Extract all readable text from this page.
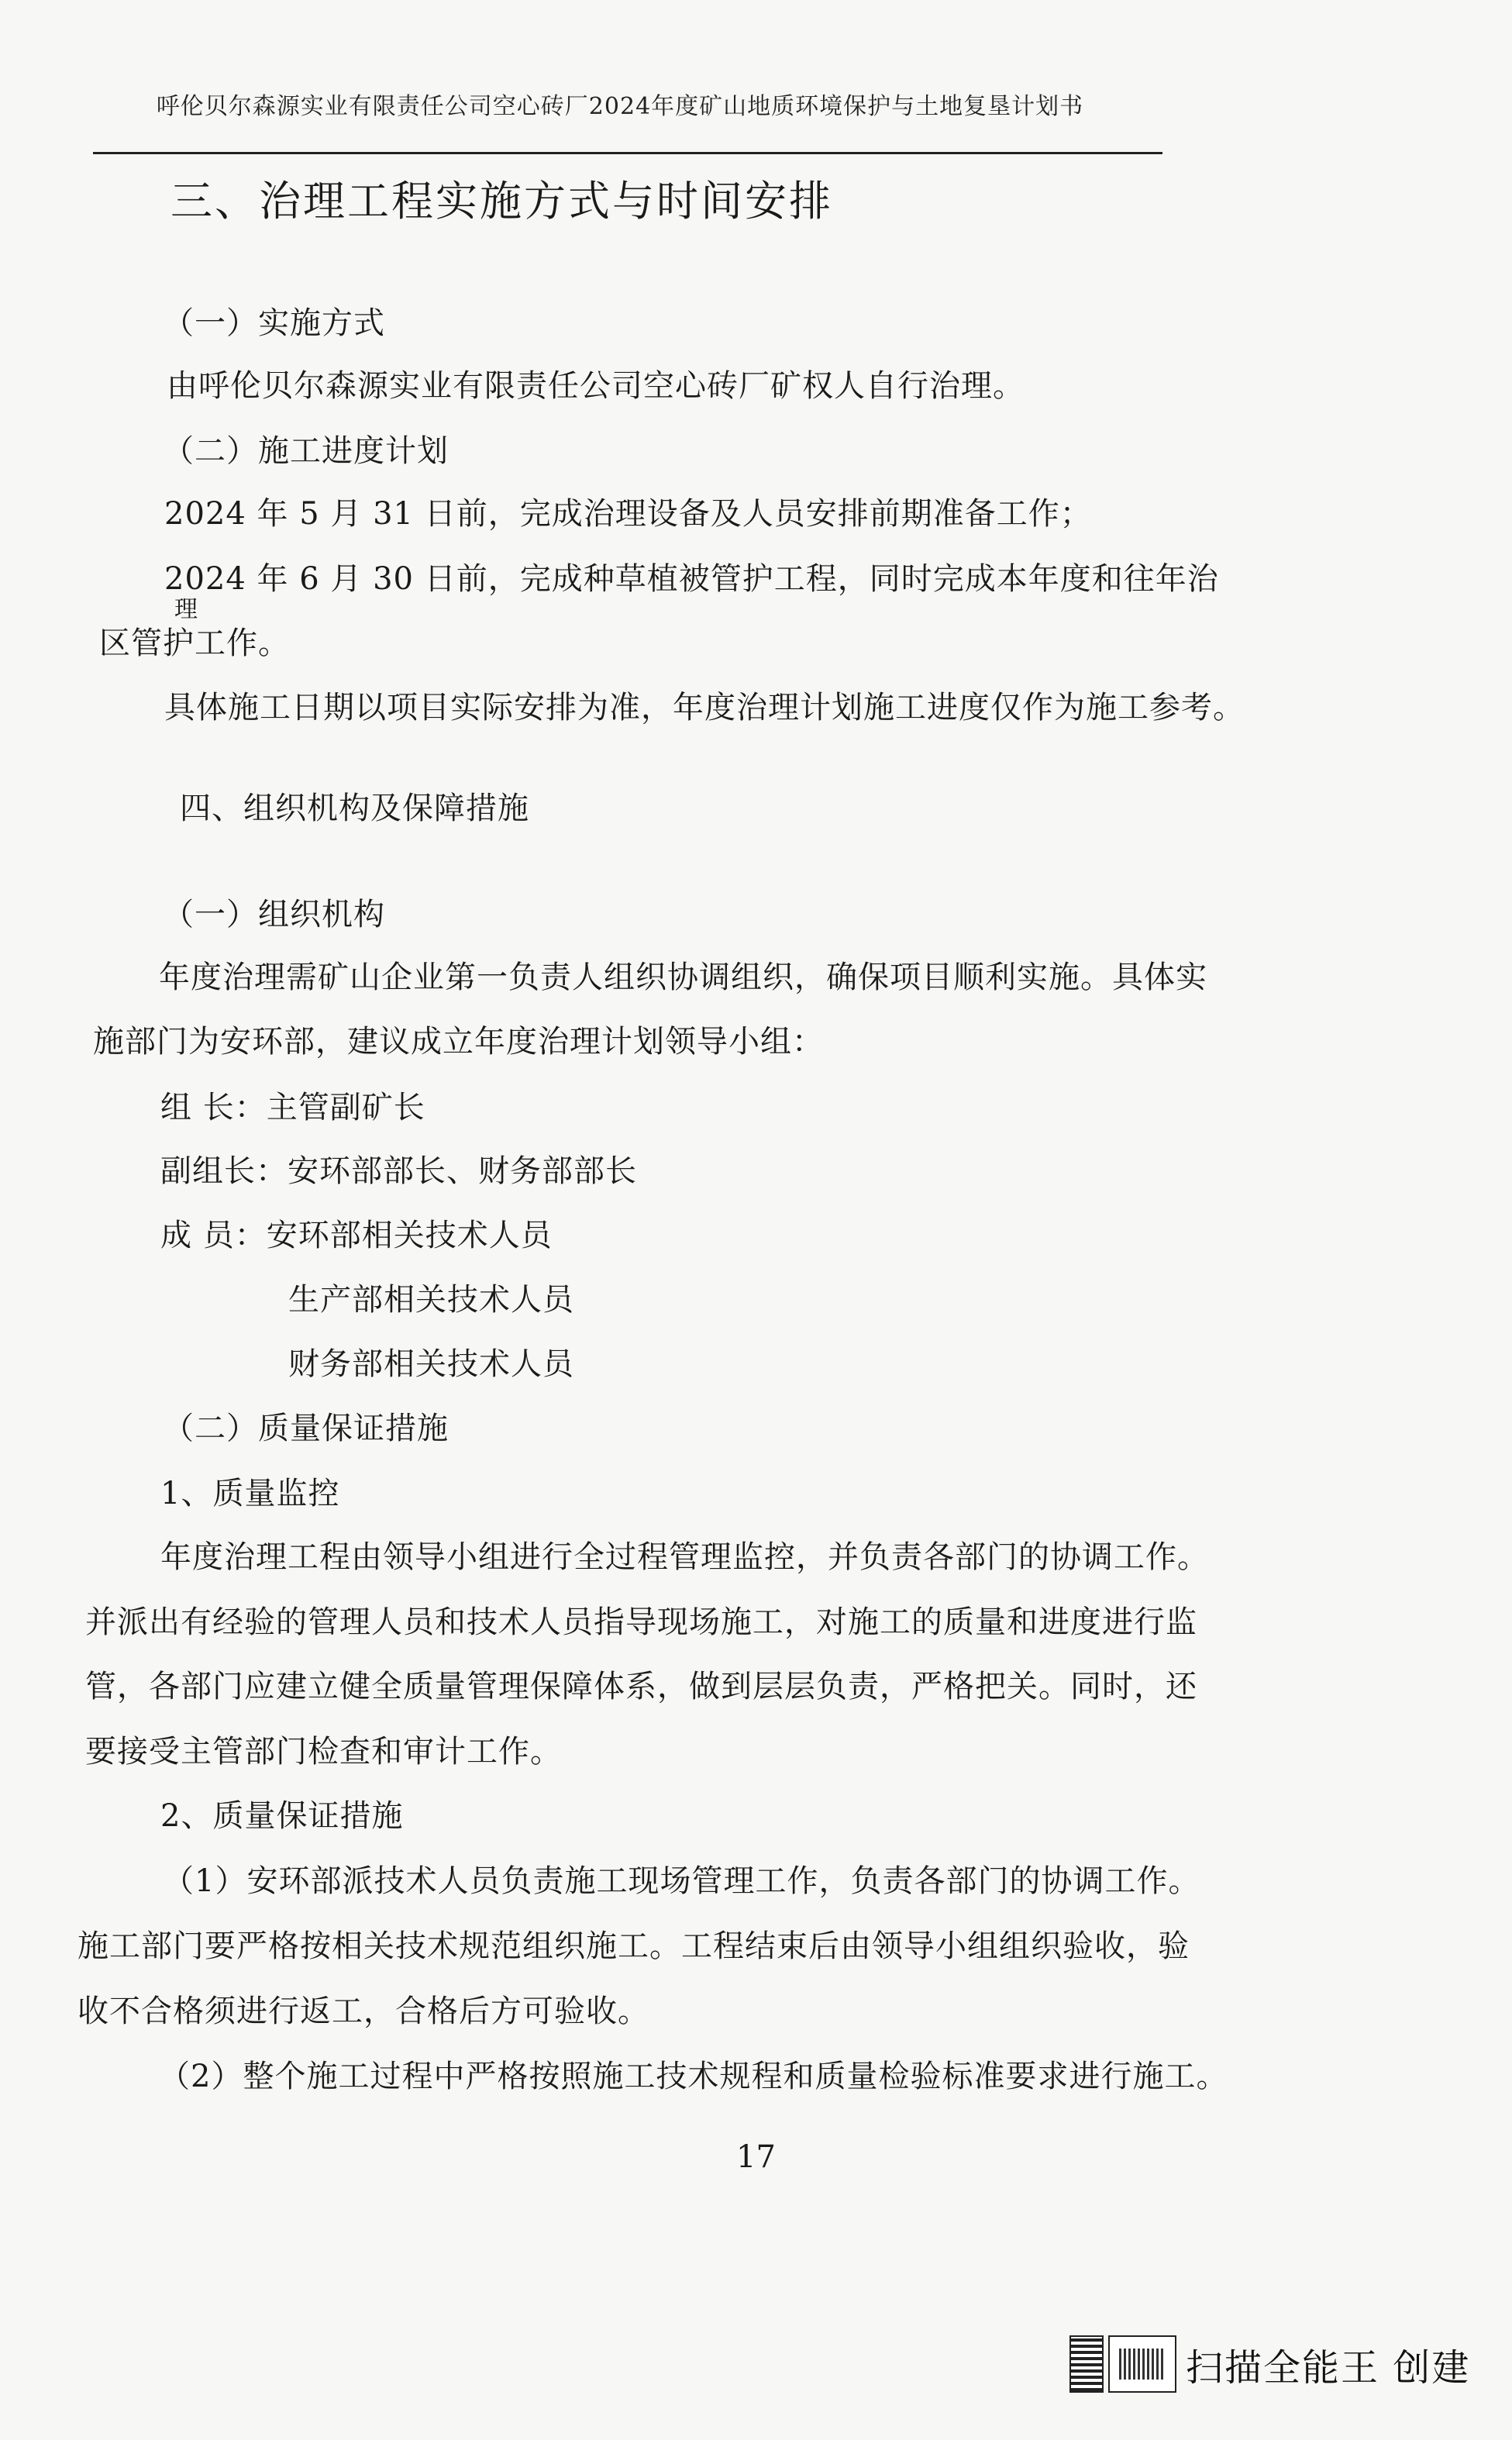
呼伦贝尔森源实业有限责任公司空心砖厂2024年度矿山地质环境保护与土地复垦计划书
三、治理工程实施方式与时间安排
（一）实施方式
由呼伦贝尔森源实业有限责任公司空心砖厂矿权人自行治理。
（二）施工进度计划
2024 年 5 月 31 日前，完成治理设备及人员安排前期准备工作；
2024 年 6 月 30 日前，完成种草植被管护工程，同时完成本年度和往年治
理
区管护工作。
具体施工日期以项目实际安排为准，年度治理计划施工进度仅作为施工参考。
四、组织机构及保障措施
（一）组织机构
年度治理需矿山企业第一负责人组织协调组织，确保项目顺利实施。具体实
施部门为安环部，建议成立年度治理计划领导小组：
组 长：主管副矿长
副组长：安环部部长、财务部部长
成 员：安环部相关技术人员
生产部相关技术人员
财务部相关技术人员
（二）质量保证措施
1、质量监控
年度治理工程由领导小组进行全过程管理监控，并负责各部门的协调工作。
并派出有经验的管理人员和技术人员指导现场施工，对施工的质量和进度进行监
管，各部门应建立健全质量管理保障体系，做到层层负责，严格把关。同时，还
要接受主管部门检查和审计工作。
2、质量保证措施
（1）安环部派技术人员负责施工现场管理工作，负责各部门的协调工作。
施工部门要严格按相关技术规范组织施工。工程结束后由领导小组组织验收，验
收不合格须进行返工，合格后方可验收。
（2）整个施工过程中严格按照施工技术规程和质量检验标准要求进行施工。
17
扫描全能王 创建
